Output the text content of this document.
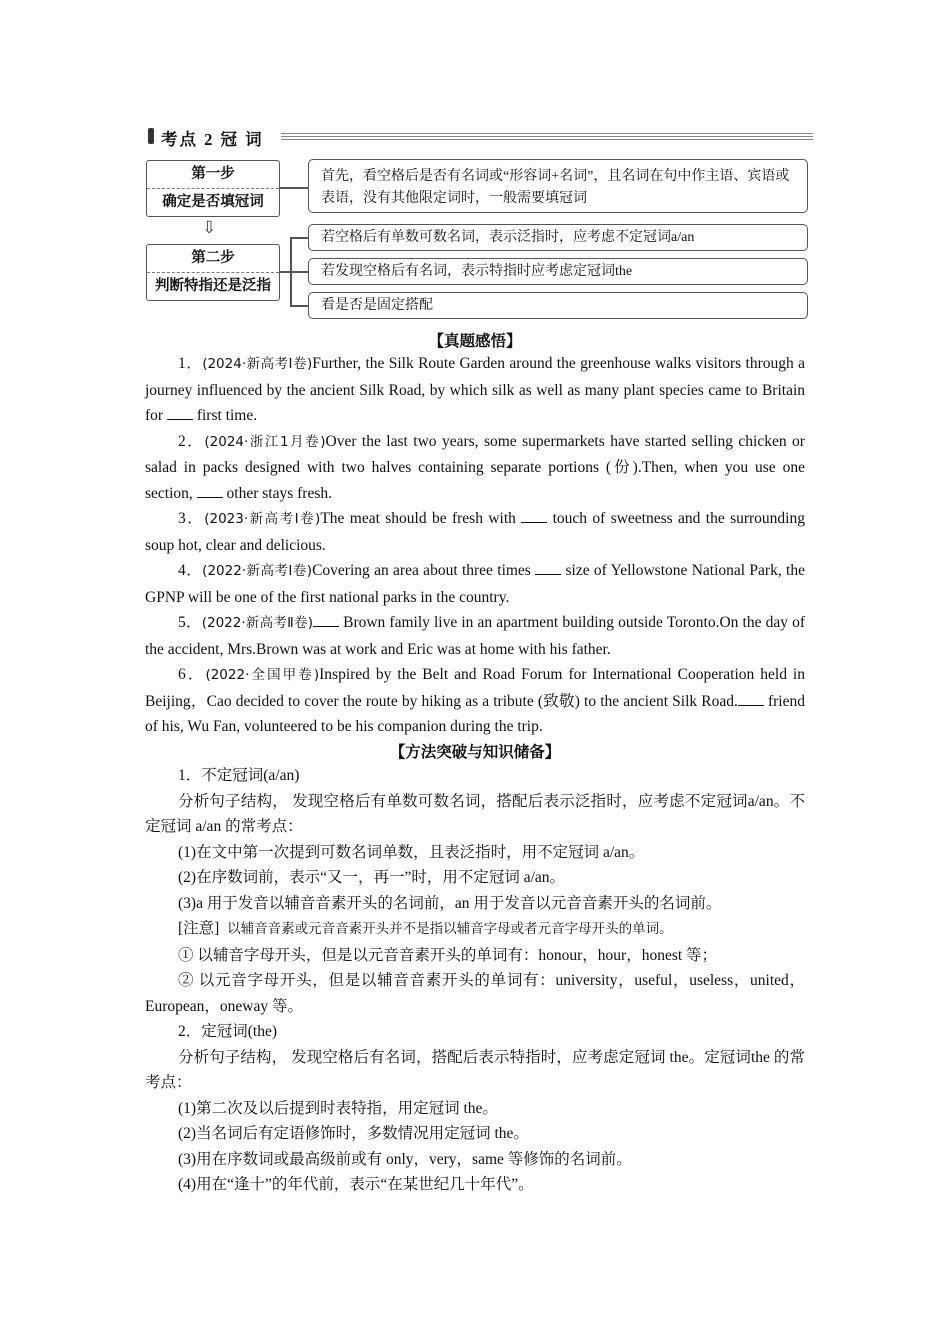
考点 2 冠 词
第一步
确定是否填冠词
⇩
第二步
判断特指还是泛指
首先，看空格后是否有名词或“形容词+名词”，且名词在句中作主语、宾语或表语，没有其他限定词时，一般需要填冠词
若空格后有单数可数名词，表示泛指时，应考虑不定冠词a/an
若发现空格后有名词，表示特指时应考虑定冠词the
看是否是固定搭配
【真题感悟】

1．(2024·新高考Ⅰ卷)Further, the Silk Route Garden around the greenhouse walks visitors through a journey influenced by the ancient Silk Road, by which silk as well as many plant species came to Britain for  first time.

2．(2024·浙江1月卷)Over the last two years, some supermarkets have started selling chicken or salad in packs designed with two halves containing separate portions (份).Then, when you use one section,  other stays fresh.

3．(2023·新高考Ⅰ卷)The meat should be fresh with  touch of sweetness and the surrounding soup hot, clear and delicious.

4．(2022·新高考Ⅰ卷)Covering an area about three times  size of Yellowstone National Park, the GPNP will be one of the first national parks in the country.

5．(2022·新高考Ⅱ卷) Brown family live in an apartment building outside Toronto.On the day of the accident, Mrs.Brown was at work and Eric was at home with his father.

6．(2022·全国甲卷)Inspired by the Belt and Road Forum for International Cooperation held in Beijing，Cao decided to cover the route by hiking as a tribute (致敬) to the ancient Silk Road. friend of his, Wu Fan, volunteered to be his companion during the trip.

【方法突破与知识储备】

1．不定冠词(a/an)

分析句子结构， 发现空格后有单数可数名词，搭配后表示泛指时，应考虑不定冠词a/an。不定冠词 a/an 的常考点：

(1)在文中第一次提到可数名词单数，且表泛指时，用不定冠词 a/an。

(2)在序数词前，表示“又一，再一”时，用不定冠词 a/an。

(3)a 用于发音以辅音音素开头的名词前，an 用于发音以元音音素开头的名词前。

[注意] 以辅音音素或元音音素开头并不是指以辅音字母或者元音字母开头的单词。

① 以辅音字母开头，但是以元音音素开头的单词有：honour，hour，honest 等；

② 以元音字母开头，但是以辅音音素开头的单词有：university，useful，useless，united，European，oneway 等。

2．定冠词(the)

分析句子结构， 发现空格后有名词，搭配后表示特指时，应考虑定冠词 the。定冠词the 的常考点：

(1)第二次及以后提到时表特指，用定冠词 the。

(2)当名词后有定语修饰时，多数情况用定冠词 the。

(3)用在序数词或最高级前或有 only，very，same 等修饰的名词前。

(4)用在“逢十”的年代前，表示“在某世纪几十年代”。
